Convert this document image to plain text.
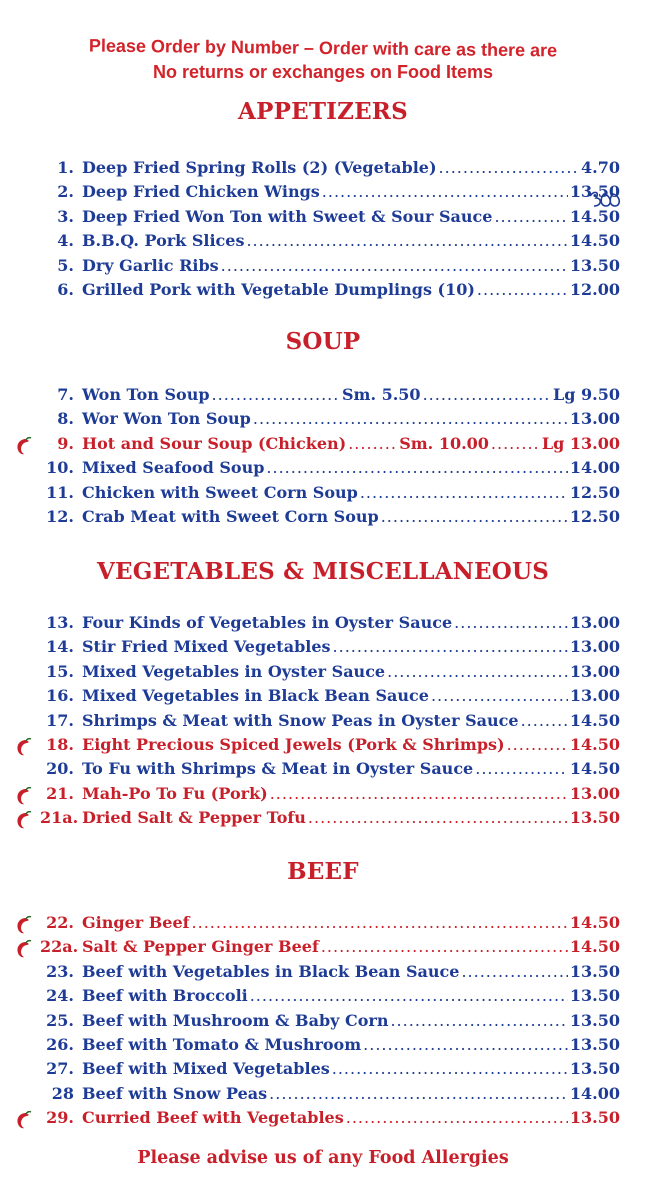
Please Order by Number – Order with care as there are
No returns or exchanges on Food Items
APPETIZERS
1. Deep Fried Spring Rolls (2) (Vegetable) .....	4.70
2. Deep Fried Chicken Wings .....	13.50
3. Deep Fried Won Ton with Sweet & Sour Sauce .....	14.50
4. B.B.Q. Pork Slices .....	14.50
5. Dry Garlic Ribs .....	13.50
6. Grilled Pork with Vegetable Dumplings (10) .....	12.00
SOUP
7. Won Ton Soup .....	Sm. 5.50 .....	Lg 9.50
8. Wor Won Ton Soup .....	13.00
9. Hot and Sour Soup (Chicken) .....	Sm. 10.00 .....	Lg 13.00
10. Mixed Seafood Soup .....	14.00
11. Chicken with Sweet Corn Soup .....	12.50
12. Crab Meat with Sweet Corn Soup .....	12.50
VEGETABLES & MISCELLANEOUS
13. Four Kinds of Vegetables in Oyster Sauce .....	13.00
14. Stir Fried Mixed Vegetables .....	13.00
15. Mixed Vegetables in Oyster Sauce .....	13.00
16. Mixed Vegetables in Black Bean Sauce .....	13.00
17. Shrimps & Meat with Snow Peas in Oyster Sauce .....	14.50
18. Eight Precious Spiced Jewels (Pork & Shrimps) .....	14.50
20. To Fu with Shrimps & Meat in Oyster Sauce .....	14.50
21. Mah-Po To Fu (Pork) .....	13.00
21a. Dried Salt & Pepper Tofu .....	13.50
BEEF
22. Ginger Beef .....	14.50
22a. Salt & Pepper Ginger Beef .....	14.50
23. Beef with Vegetables in Black Bean Sauce .....	13.50
24. Beef with Broccoli .....	13.50
25. Beef with Mushroom & Baby Corn .....	13.50
26. Beef with Tomato & Mushroom .....	13.50
27. Beef with Mixed Vegetables .....	13.50
28 Beef with Snow Peas .....	14.00
29. Curried Beef with Vegetables .....	13.50
Please advise us of any Food Allergies
